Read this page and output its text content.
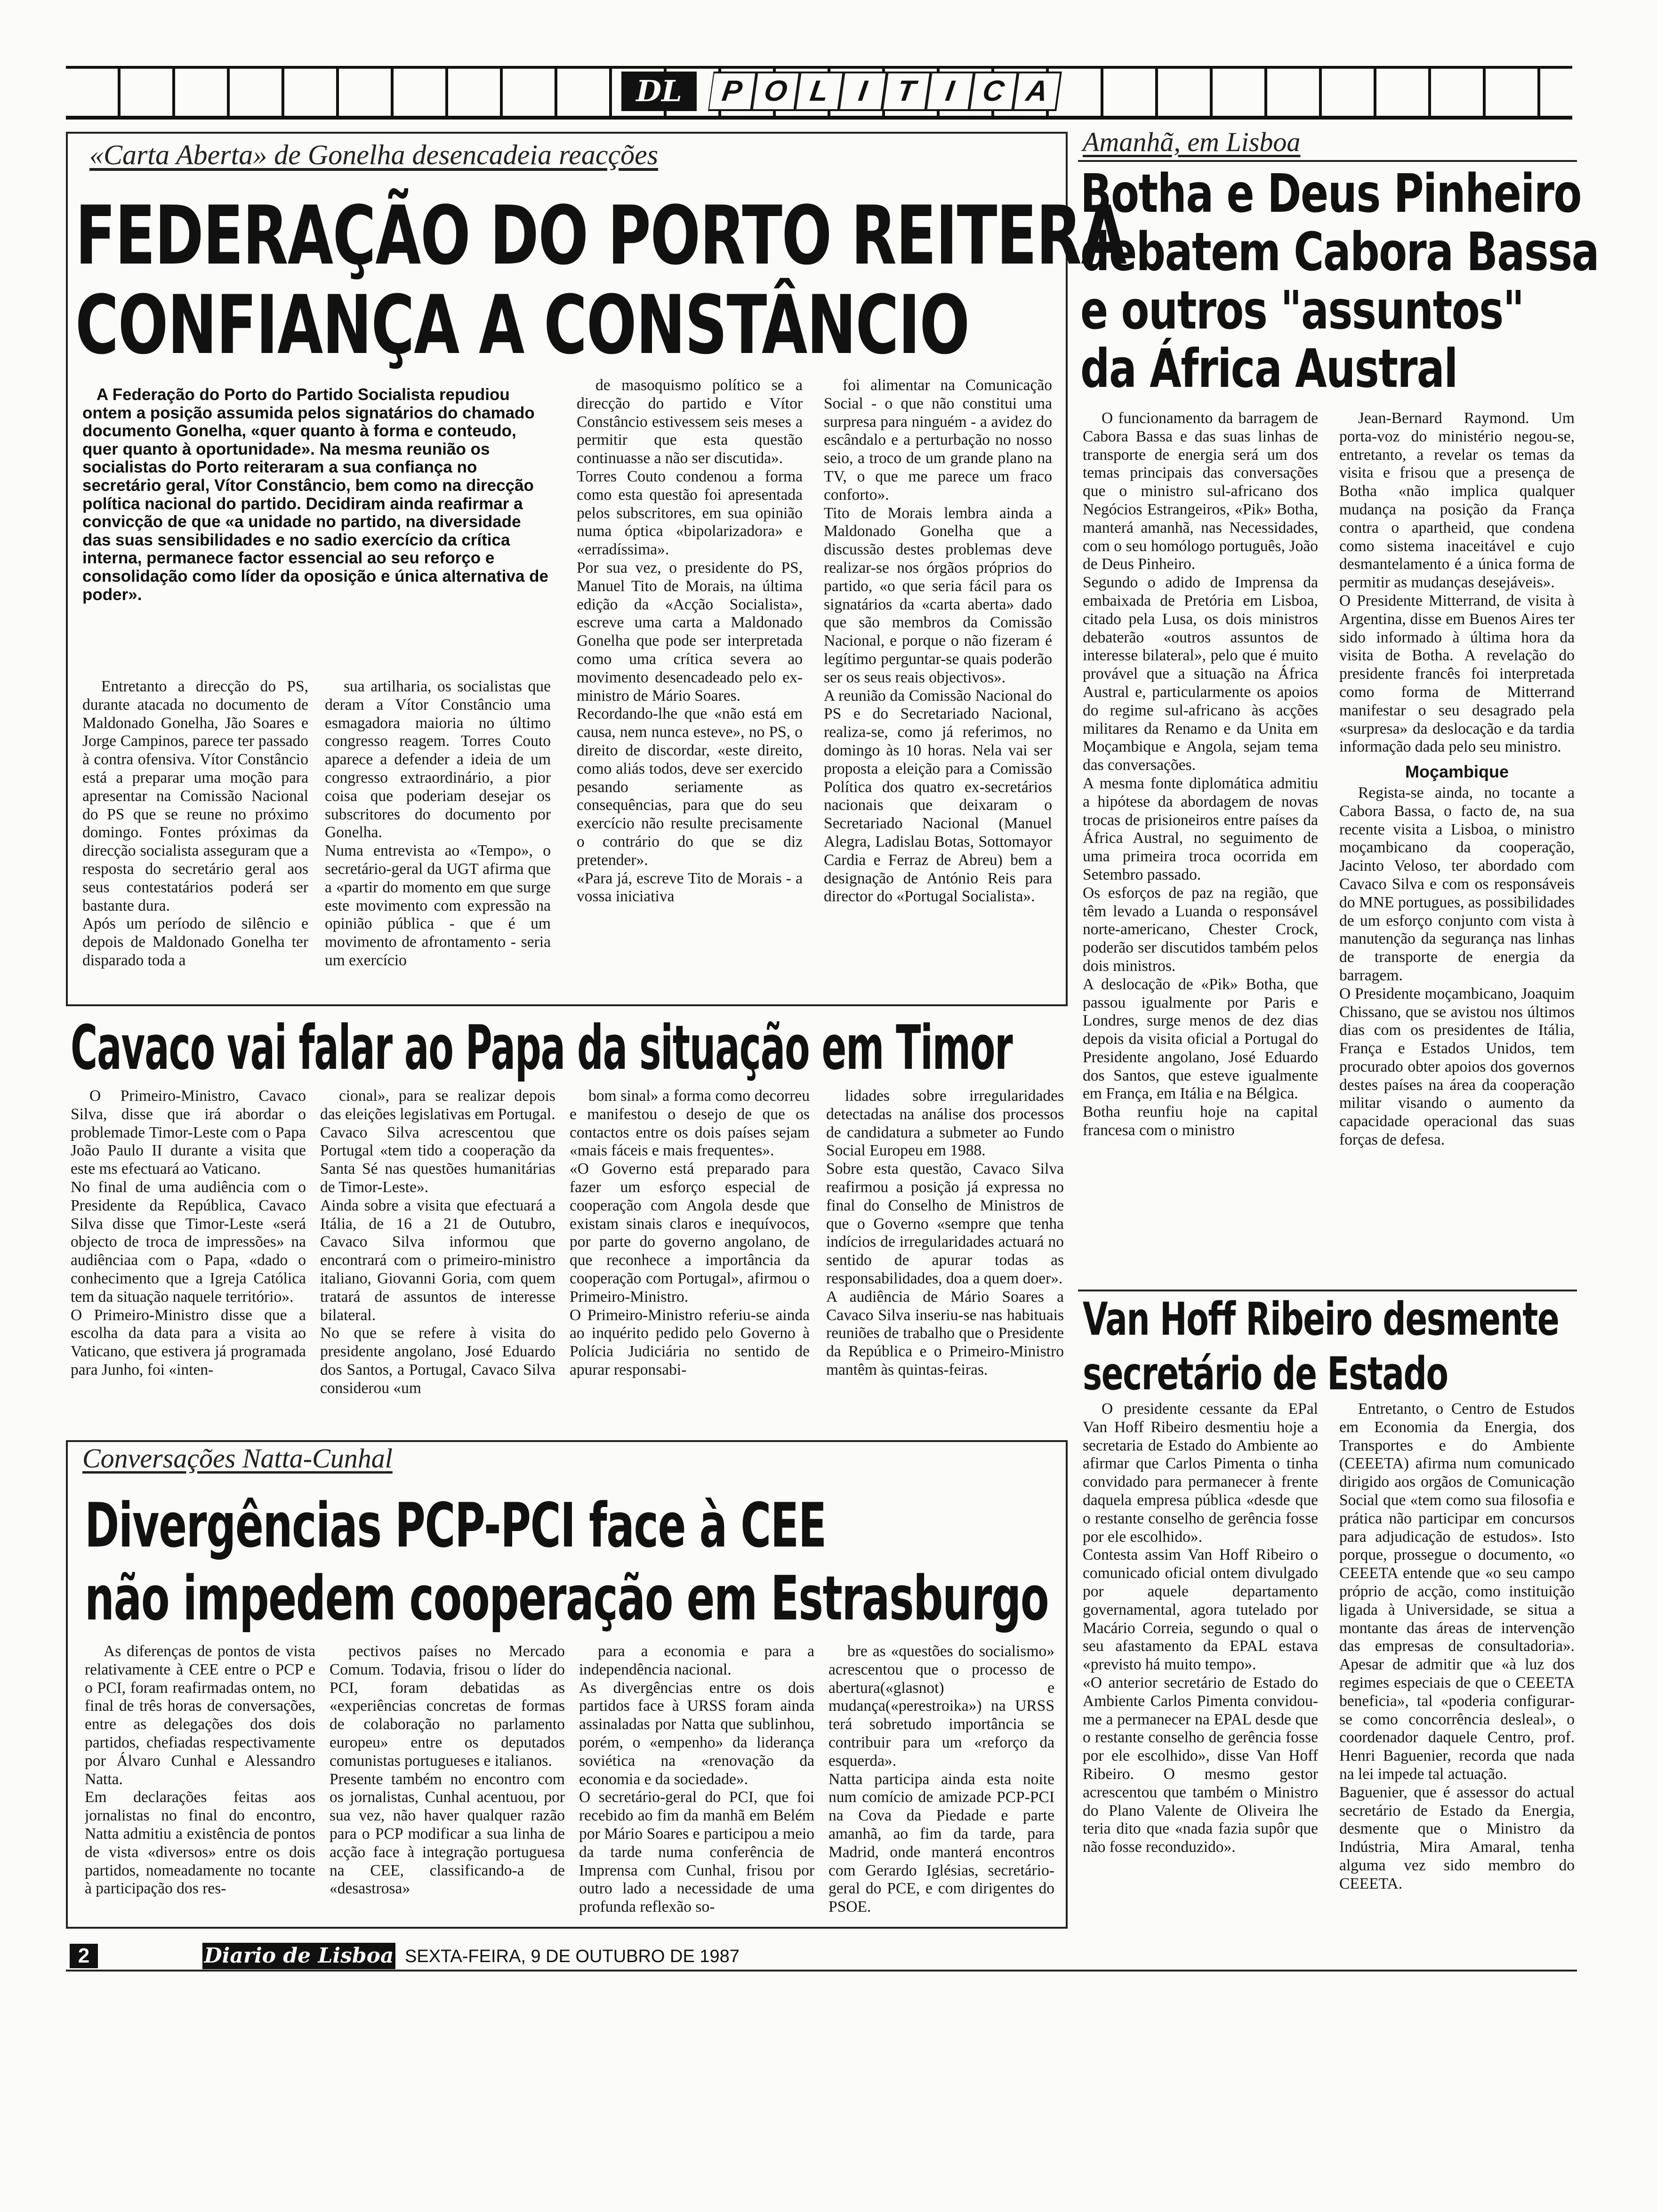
DL	P O L I T I C A
«Carta Aberta» de Gonelha desencadeia reacções
FEDERAÇÃO DO PORTO REITERA
CONFIANÇA A CONSTÂNCIO

A Federação do Porto do Partido Socialista repudiou ontem a posição assumida pelos signatários do chamado documento Gonelha, «quer quanto à forma e conteudo, quer quanto à oportunidade». Na mesma reunião os socialistas do Porto reiteraram a sua confiança no secretário geral, Vítor Constâncio, bem como na direcção política nacional do partido. Decidiram ainda reafirmar a convicção de que «a unidade no partido, na diversidade das suas sensibilidades e no sadio exercício da crítica interna, permanece factor essencial ao seu reforço e consolidação como líder da oposição e única alternativa de poder».

Entretanto a direcção do PS, durante atacada no documento de Maldonado Gonelha, Jão Soares e Jorge Campinos, parece ter passado à contra ofensiva. Vítor Constâncio está a preparar uma moção para apresentar na Comissão Nacional do PS que se reune no próximo domingo. Fontes próximas da direcção socialista asseguram que a resposta do secretário geral aos seus contestatários poderá ser bastante dura.
Após um período de silêncio e depois de Maldonado Gonelha ter disparado toda a

sua artilharia, os socialistas que deram a Vítor Constâncio uma esmagadora maioria no último congresso reagem. Torres Couto aparece a defender a ideia de um congresso extraordinário, a pior coisa que poderiam desejar os subscritores do documento por Gonelha.
Numa entrevista ao «Tempo», o secretário-geral da UGT afirma que a «partir do momento em que surge este movimento com expressão na opinião pública - que é um movimento de afrontamento - seria um exercício

de masoquismo político se a direcção do partido e Vítor Constâncio estivessem seis meses a permitir que esta questão continuasse a não ser discutida».
Torres Couto condenou a forma como esta questão foi apresentada pelos subscritores, em sua opinião numa óptica «bipolarizadora» e «erradíssima».
Por sua vez, o presidente do PS, Manuel Tito de Morais, na última edição da «Acção Socialista», escreve uma carta a Maldonado Gonelha que pode ser interpretada como uma crítica severa ao movimento desencadeado pelo ex-ministro de Mário Soares.
Recordando-lhe que «não está em causa, nem nunca esteve», no PS, o direito de discordar, «este direito, como aliás todos, deve ser exercido pesando seriamente as consequências, para que do seu exercício não resulte precisamente o contrário do que se diz pretender».
«Para já, escreve Tito de Morais - a vossa iniciativa

foi alimentar na Comunicação Social - o que não constitui uma surpresa para ninguém - a avidez do escândalo e a perturbação no nosso seio, a troco de um grande plano na TV, o que me parece um fraco conforto».
Tito de Morais lembra ainda a Maldonado Gonelha que a discussão destes problemas deve realizar-se nos órgãos próprios do partido, «o que seria fácil para os signatários da «carta aberta» dado que são membros da Comissão Nacional, e porque o não fizeram é legítimo perguntar-se quais poderão ser os seus reais objectivos».
A reunião da Comissão Nacional do PS e do Secretariado Nacional, realiza-se, como já referimos, no domingo às 10 horas. Nela vai ser proposta a eleição para a Comissão Política dos quatro ex-secretários nacionais que deixaram o Secretariado Nacional (Manuel Alegra, Ladislau Botas, Sottomayor Cardia e Ferraz de Abreu) bem a designação de António Reis para director do «Portugal Socialista».

Amanhã, em Lisboa
Botha e Deus Pinheiro
debatem Cabora Bassa
e outros "assuntos"
da África Austral

O funcionamento da barragem de Cabora Bassa e das suas linhas de transporte de energia será um dos temas principais das conversações que o ministro sul-africano dos Negócios Estrangeiros, «Pik» Botha, manterá amanhã, nas Necessidades, com o seu homólogo português, João de Deus Pinheiro.
Segundo o adido de Imprensa da embaixada de Pretória em Lisboa, citado pela Lusa, os dois ministros debaterão «outros assuntos de interesse bilateral», pelo que é muito provável que a situação na África Austral e, particularmente os apoios do regime sul-africano às acções militares da Renamo e da Unita em Moçambique e Angola, sejam tema das conversações.
A mesma fonte diplomática admitiu a hipótese da abordagem de novas trocas de prisioneiros entre países da África Austral, no seguimento de uma primeira troca ocorrida em Setembro passado.
Os esforços de paz na região, que têm levado a Luanda o responsável norte-americano, Chester Crock, poderão ser discutidos também pelos dois ministros.
A deslocação de «Pik» Botha, que passou igualmente por Paris e Londres, surge menos de dez dias depois da visita oficial a Portugal do Presidente angolano, José Eduardo dos Santos, que esteve igualmente em França, em Itália e na Bélgica.
Botha reunfiu hoje na capital francesa com o ministro

Jean-Bernard Raymond. Um porta-voz do ministério negou-se, entretanto, a revelar os temas da visita e frisou que a presença de Botha «não implica qualquer mudança na posição da França contra o apartheid, que condena como sistema inaceitável e cujo desmantelamento é a única forma de permitir as mudanças desejáveis».
O Presidente Mitterrand, de visita à Argentina, disse em Buenos Aires ter sido informado à última hora da visita de Botha. A revelação do presidente francês foi interpretada como forma de Mitterrand manifestar o seu desagrado pela «surpresa» da deslocação e da tardia informação dada pelo seu ministro.

Moçambique

Regista-se ainda, no tocante a Cabora Bassa, o facto de, na sua recente visita a Lisboa, o ministro moçambicano da cooperação, Jacinto Veloso, ter abordado com Cavaco Silva e com os responsáveis do MNE portugues, as possibilidades de um esforço conjunto com vista à manutenção da segurança nas linhas de transporte de energia da barragem.
O Presidente moçambicano, Joaquim Chissano, que se avistou nos últimos dias com os presidentes de Itália, França e Estados Unidos, tem procurado obter apoios dos governos destes países na área da cooperação militar visando o aumento da capacidade operacional das suas forças de defesa.

Cavaco vai falar ao Papa da situação em Timor

O Primeiro-Ministro, Cavaco Silva, disse que irá abordar o problemade Timor-Leste com o Papa João Paulo II durante a visita que este ms efectuará ao Vaticano.
No final de uma audiência com o Presidente da República, Cavaco Silva disse que Timor-Leste «será objecto de troca de impressões» na audiênciaa com o Papa, «dado o conhecimento que a Igreja Católica tem da situação naquele território».
O Primeiro-Ministro disse que a escolha da data para a visita ao Vaticano, que estivera já programada para Junho, foi «inten-

cional», para se realizar depois das eleições legislativas em Portugal.
Cavaco Silva acrescentou que Portugal «tem tido a cooperação da Santa Sé nas questões humanitárias de Timor-Leste».
Ainda sobre a visita que efectuará a Itália, de 16 a 21 de Outubro, Cavaco Silva informou que encontrará com o primeiro-ministro italiano, Giovanni Goria, com quem tratará de assuntos de interesse bilateral.
No que se refere à visita do presidente angolano, José Eduardo dos Santos, a Portugal, Cavaco Silva considerou «um

bom sinal» a forma como decorreu e manifestou o desejo de que os contactos entre os dois países sejam «mais fáceis e mais frequentes».
«O Governo está preparado para fazer um esforço especial de cooperação com Angola desde que existam sinais claros e inequívocos, por parte do governo angolano, de que reconhece a importância da cooperação com Portugal», afirmou o Primeiro-Ministro.
O Primeiro-Ministro referiu-se ainda ao inquérito pedido pelo Governo à Polícia Judiciária no sentido de apurar responsabi-

lidades sobre irregularidades detectadas na análise dos processos de candidatura a submeter ao Fundo Social Europeu em 1988.
Sobre esta questão, Cavaco Silva reafirmou a posição já expressa no final do Conselho de Ministros de que o Governo «sempre que tenha indícios de irregularidades actuará no sentido de apurar todas as responsabilidades, doa a quem doer».
A audiência de Mário Soares a Cavaco Silva inseriu-se nas habituais reuniões de trabalho que o Presidente da República e o Primeiro-Ministro mantêm às quintas-feiras.

Van Hoff Ribeiro desmente
secretário de Estado

O presidente cessante da EPal Van Hoff Ribeiro desmentiu hoje a secretaria de Estado do Ambiente ao afirmar que Carlos Pimenta o tinha convidado para permanecer à frente daquela empresa pública «desde que o restante conselho de gerência fosse por ele escolhido».
Contesta assim Van Hoff Ribeiro o comunicado oficial ontem divulgado por aquele departamento governamental, agora tutelado por Macário Correia, segundo o qual o seu afastamento da EPAL estava «previsto há muito tempo».
«O anterior secretário de Estado do Ambiente Carlos Pimenta convidou-me a permanecer na EPAL desde que o restante conselho de gerência fosse por ele escolhido», disse Van Hoff Ribeiro. O mesmo gestor acrescentou que também o Ministro do Plano Valente de Oliveira lhe teria dito que «nada fazia supôr que não fosse reconduzido».

Entretanto, o Centro de Estudos em Economia da Energia, dos Transportes e do Ambiente (CEEETA) afirma num comunicado dirigido aos orgãos de Comunicação Social que «tem como sua filosofia e prática não participar em concursos para adjudicação de estudos». Isto porque, prossegue o documento, «o CEEETA entende que «o seu campo próprio de acção, como instituição ligada à Universidade, se situa a montante das áreas de intervenção das empresas de consultadoria». Apesar de admitir que «à luz dos regimes especiais de que o CEEETA beneficia», tal «poderia configurar-se como concorrência desleal», o coordenador daquele Centro, prof. Henri Baguenier, recorda que nada na lei impede tal actuação.
Baguenier, que é assessor do actual secretário de Estado da Energia, desmente que o Ministro da Indústria, Mira Amaral, tenha alguma vez sido membro do CEEETA.

Conversações Natta-Cunhal
Divergências PCP-PCI face à CEE
não impedem cooperação em Estrasburgo

As diferenças de pontos de vista relativamente à CEE entre o PCP e o PCI, foram reafirmadas ontem, no final de três horas de conversações, entre as delegações dos dois partidos, chefiadas respectivamente por Álvaro Cunhal e Alessandro Natta.
Em declarações feitas aos jornalistas no final do encontro, Natta admitiu a existência de pontos de vista «diversos» entre os dois partidos, nomeadamente no tocante à participação dos res-

pectivos países no Mercado Comum. Todavia, frisou o líder do PCI, foram debatidas as «experiências concretas de formas de colaboração no parlamento europeu» entre os deputados comunistas portugueses e italianos.
Presente também no encontro com os jornalistas, Cunhal acentuou, por sua vez, não haver qualquer razão para o PCP modificar a sua linha de acção face à integração portuguesa na CEE, classificando-a de «desastrosa»

para a economia e para a independência nacional.
As divergências entre os dois partidos face à URSS foram ainda assinaladas por Natta que sublinhou, porém, o «empenho» da liderança soviética na «renovação da economia e da sociedade».
O secretário-geral do PCI, que foi recebido ao fim da manhã em Belém por Mário Soares e participou a meio da tarde numa conferência de Imprensa com Cunhal, frisou por outro lado a necessidade de uma profunda reflexão so-

bre as «questões do socialismo» acrescentou que o processo de abertura(«glasnot) e mudança(«perestroika») na URSS terá sobretudo importância se contribuir para um «reforço da esquerda».
Natta participa ainda esta noite num comício de amizade PCP-PCI na Cova da Piedade e parte amanhã, ao fim da tarde, para Madrid, onde manterá encontros com Gerardo Iglésias, secretário-geral do PCE, e com dirigentes do PSOE.

2	Diario de Lisboa SEXTA-FEIRA, 9 DE OUTUBRO DE 1987
